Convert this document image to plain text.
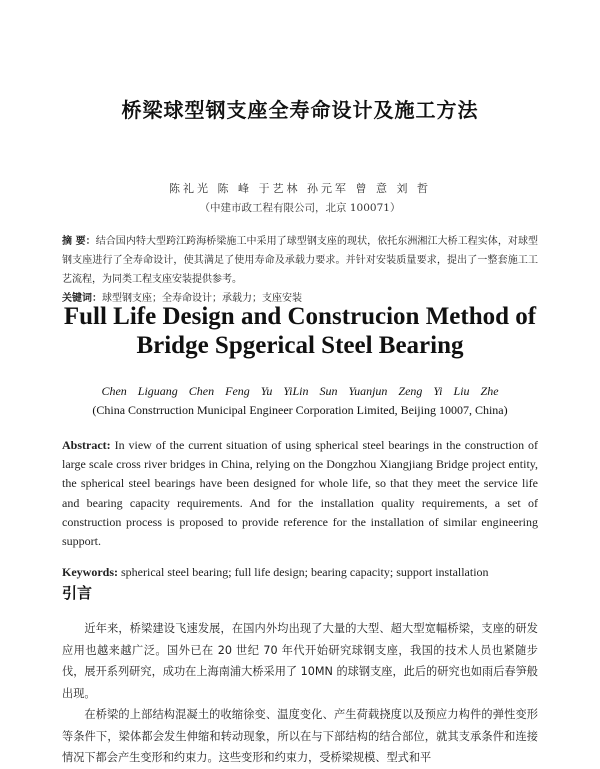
桥梁球型钢支座全寿命设计及施工方法
陈礼光 陈 峰 于艺林 孙元军 曾 意 刘 哲
（中建市政工程有限公司，北京 100071）
摘 要：结合国内特大型跨江跨海桥梁施工中采用了球型钢支座的现状，依托东洲湘江大桥工程实体，对球型钢支座进行了全寿命设计，使其满足了使用寿命及承载力要求。并针对安装质量要求，提出了一整套施工工艺流程，为同类工程支座安装提供参考。
关键词：球型钢支座；全寿命设计；承载力；支座安装
Full Life Design and Construcion Method of
Bridge Spgerical Steel Bearing
Chen Liguang Chen Feng Yu YiLin Sun Yuanjun Zeng Yi Liu Zhe
(China Constrruction Municipal Engineer Corporation Limited, Beijing 10007, China)
Abstract: In view of the current situation of using spherical steel bearings in the construction of large scale cross river bridges in China, relying on the Dongzhou Xiangjiang Bridge project entity, the spherical steel bearings have been designed for whole life, so that they meet the service life and bearing capacity requirements. And for the installation quality requirements, a set of construction process is proposed to provide reference for the installation of similar engineering support.
Keywords: spherical steel bearing; full life design; bearing capacity; support installation
引言

近年来，桥梁建设飞速发展，在国内外均出现了大量的大型、超大型宽幅桥梁，支座的研发应用也越来越广泛。国外已在 20 世纪 70 年代开始研究球钢支座，我国的技术人员也紧随步伐，展开系列研究，成功在上海南浦大桥采用了 10MN 的球钢支座，此后的研究也如雨后春笋般出现。

在桥梁的上部结构混凝土的收缩徐变、温度变化、产生荷载挠度以及预应力构件的弹性变形等条件下，梁体都会发生伸缩和转动现象，所以在与下部结构的结合部位，就其支承条件和连接情况下都会产生变形和约束力。这些变形和约束力，受桥梁规模、型式和平
